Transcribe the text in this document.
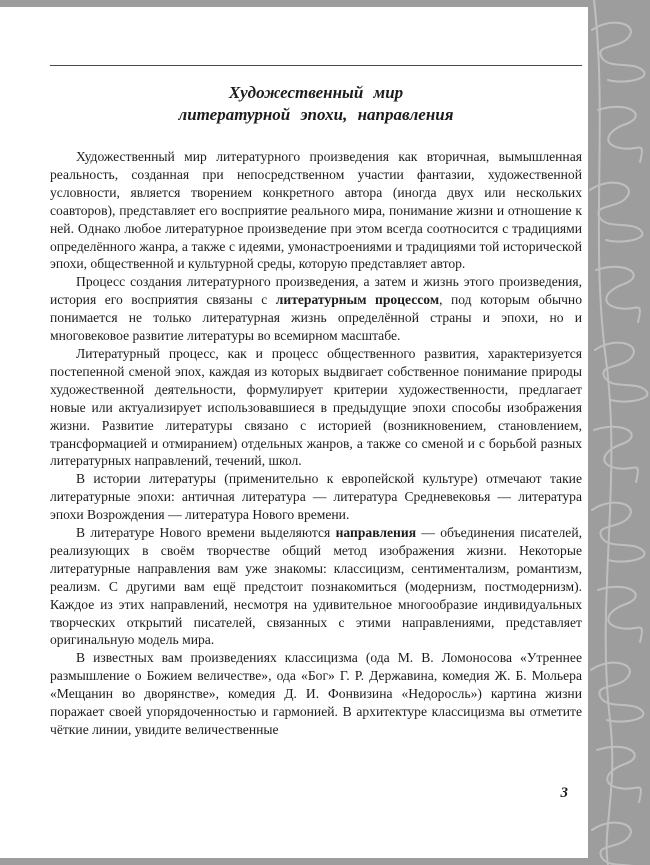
Художественный мир
литературной эпохи, направления

Художественный мир литературного произведения как вторичная, вымышленная реальность, созданная при непосредственном участии фантазии, художественной условности, является творением конкретного автора (иногда двух или нескольких соавторов), представляет его восприятие реального мира, понимание жизни и отношение к ней. Однако любое литературное произведение при этом всегда соотносится с традициями определённого жанра, а также с идеями, умонастроениями и традициями той исторической эпохи, общественной и культурной среды, которую представляет автор.

Процесс создания литературного произведения, а затем и жизнь этого произведения, история его восприятия связаны с литературным процессом, под которым обычно понимается не только литературная жизнь определённой страны и эпохи, но и многовековое развитие литературы во всемирном масштабе.

Литературный процесс, как и процесс общественного развития, характеризуется постепенной сменой эпох, каждая из которых выдвигает собственное понимание природы художественной деятельности, формулирует критерии художественности, предлагает новые или актуализирует использовавшиеся в предыдущие эпохи способы изображения жизни. Развитие литературы связано с историей (возникновением, становлением, трансформацией и отмиранием) отдельных жанров, а также со сменой и с борьбой разных литературных направлений, течений, школ.

В истории литературы (применительно к европейской культуре) отмечают такие литературные эпохи: античная литература — литература Средневековья — литература эпохи Возрождения — литература Нового времени.

В литературе Нового времени выделяются направления — объединения писателей, реализующих в своём творчестве общий метод изображения жизни. Некоторые литературные направления вам уже знакомы: классицизм, сентиментализм, романтизм, реализм. С другими вам ещё предстоит познакомиться (модернизм, постмодернизм). Каждое из этих направлений, несмотря на удивительное многообразие индивидуальных творческих открытий писателей, связанных с этими направлениями, представляет оригинальную модель мира.

В известных вам произведениях классицизма (ода М. В. Ломоносова «Утреннее размышление о Божием величестве», ода «Бог» Г. Р. Державина, комедия Ж. Б. Мольера «Мещанин во дворянстве», комедия Д. И. Фонвизина «Недоросль») картина жизни поражает своей упорядоченностью и гармонией. В архитектуре классицизма вы отметите чёткие линии, увидите величественные

3
